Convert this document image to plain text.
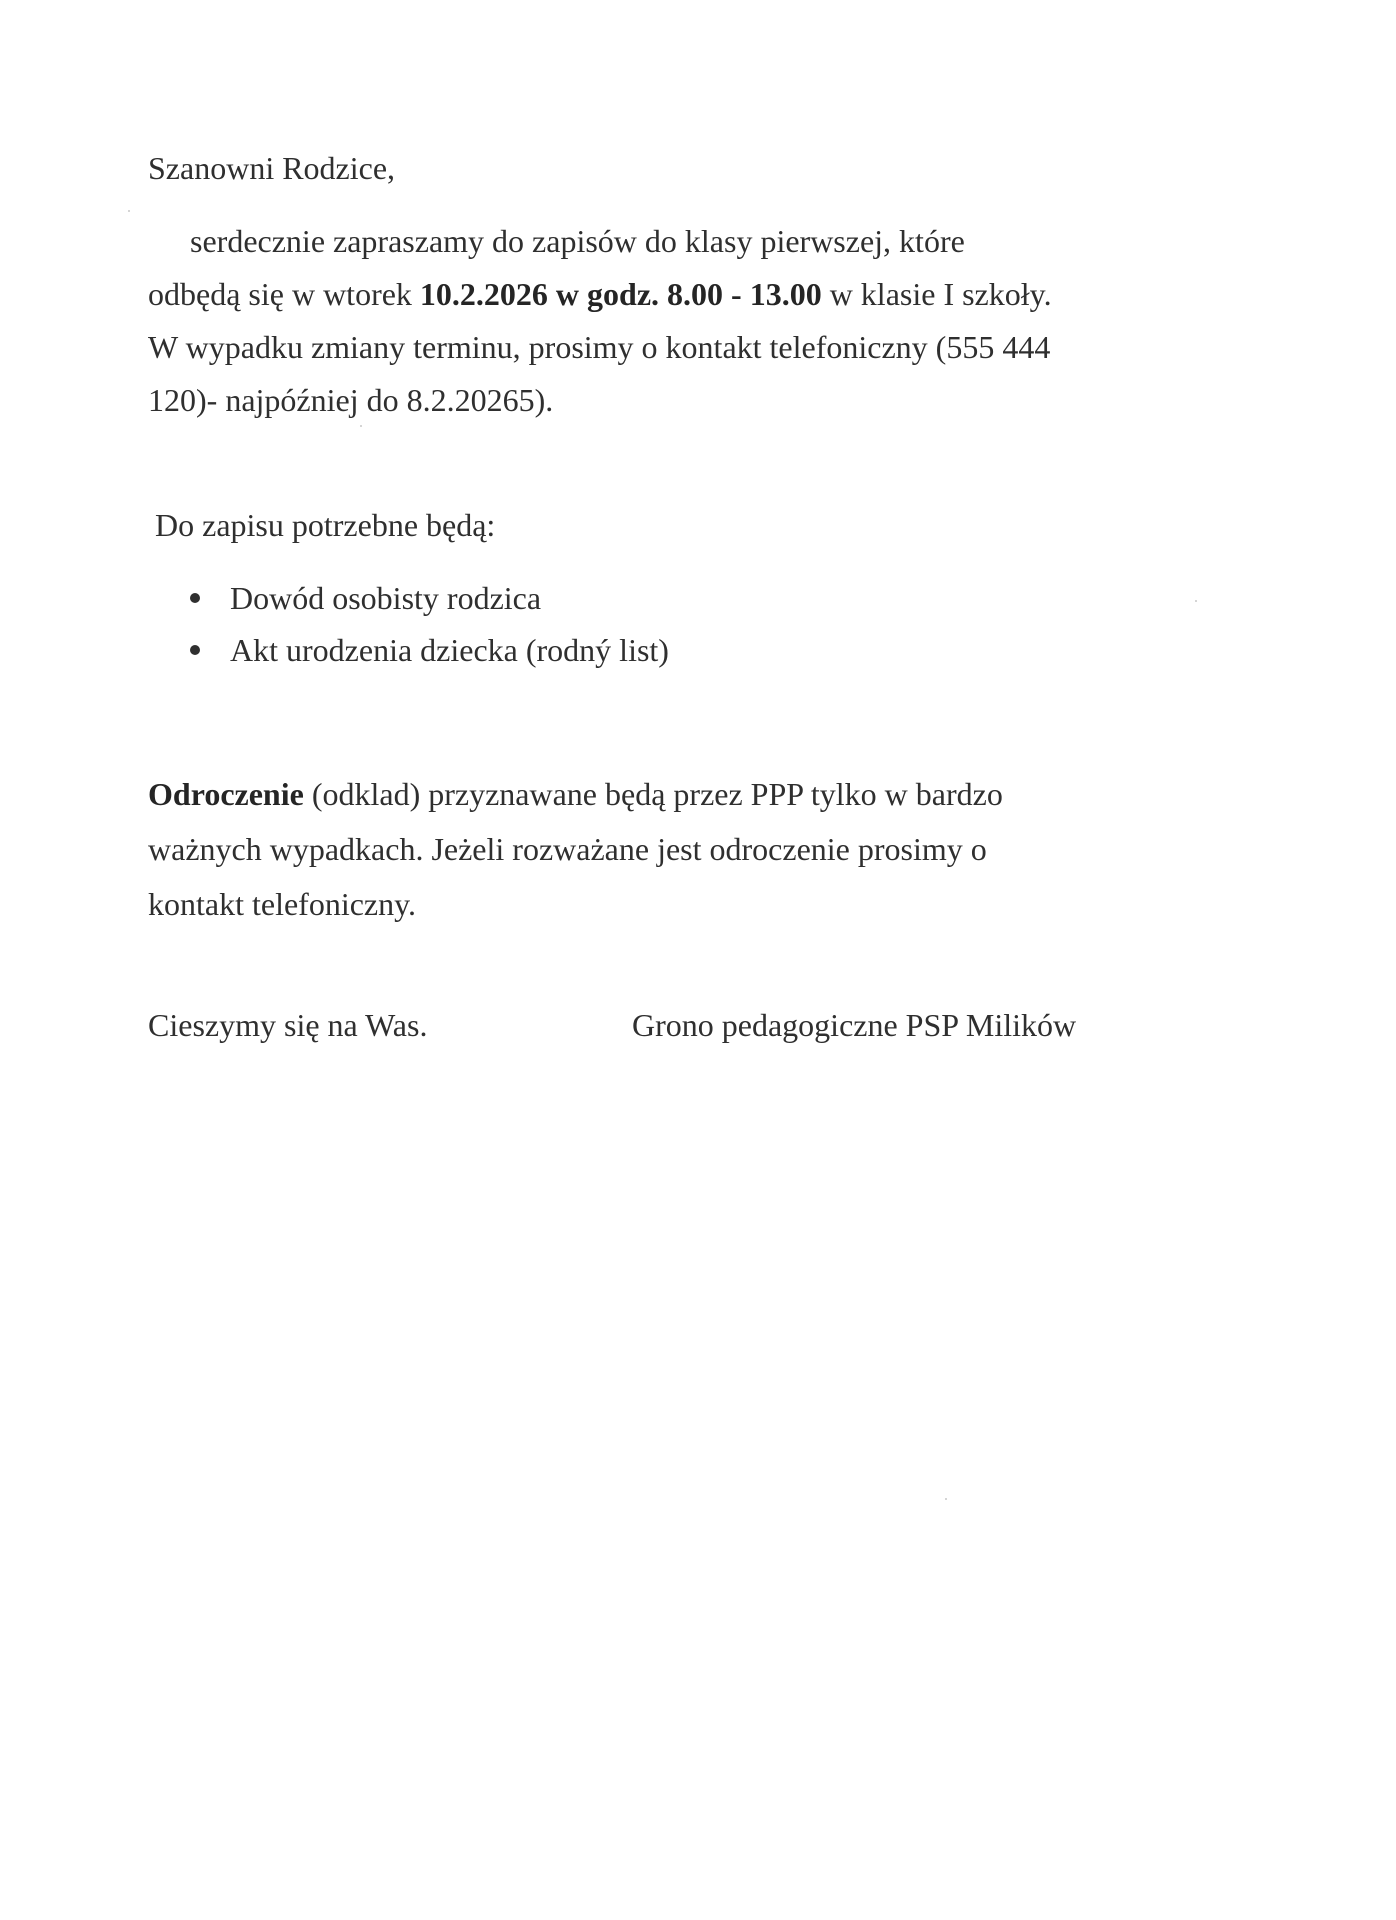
Szanowni Rodzice,

serdecznie zapraszamy do zapisów do klasy pierwszej, które
odbędą się w wtorek 10.2.2026 w godz. 8.00 - 13.00 w klasie I szkoły.
W wypadku zmiany terminu, prosimy o kontakt telefoniczny (555 444
120)- najpóźniej do 8.2.20265).

Do zapisu potrzebne będą:

Dowód osobisty rodzica
Akt urodzenia dziecka (rodný list)

Odroczenie (odklad) przyznawane będą przez PPP tylko w bardzo
ważnych wypadkach. Jeżeli rozważane jest odroczenie prosimy o
kontakt telefoniczny.

Cieszymy się na Was.	Grono pedagogiczne PSP Milików
